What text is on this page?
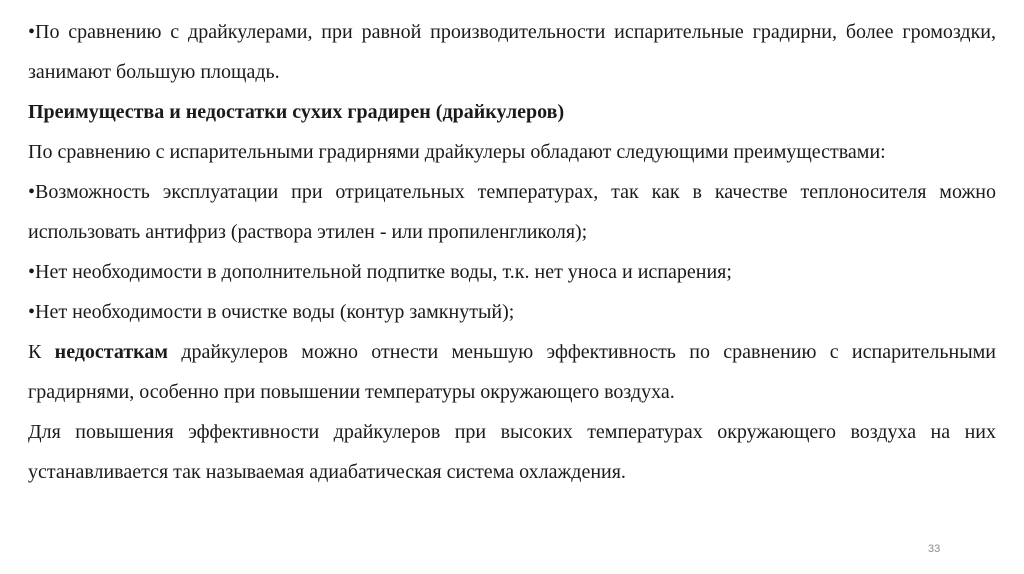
•По сравнению с драйкулерами, при равной производительности испарительные градирни, более громоздки, занимают большую площадь.

Преимущества и недостатки сухих градирен (драйкулеров)

По сравнению с испарительными градирнями драйкулеры обладают следующими преимуществами:

•Возможность эксплуатации при отрицательных температурах, так как в качестве теплоносителя можно использовать антифриз (раствора этилен - или пропиленгликоля);

•Нет необходимости в дополнительной подпитке воды, т.к. нет уноса и испарения;

•Нет необходимости в очистке воды (контур замкнутый);

К недостаткам драйкулеров можно отнести меньшую эффективность по сравнению с испарительными градирнями, особенно при повышении температуры окружающего воздуха.

Для повышения эффективности драйкулеров при высоких температурах окружающего воздуха на них устанавливается так называемая адиабатическая система охлаждения.

33
